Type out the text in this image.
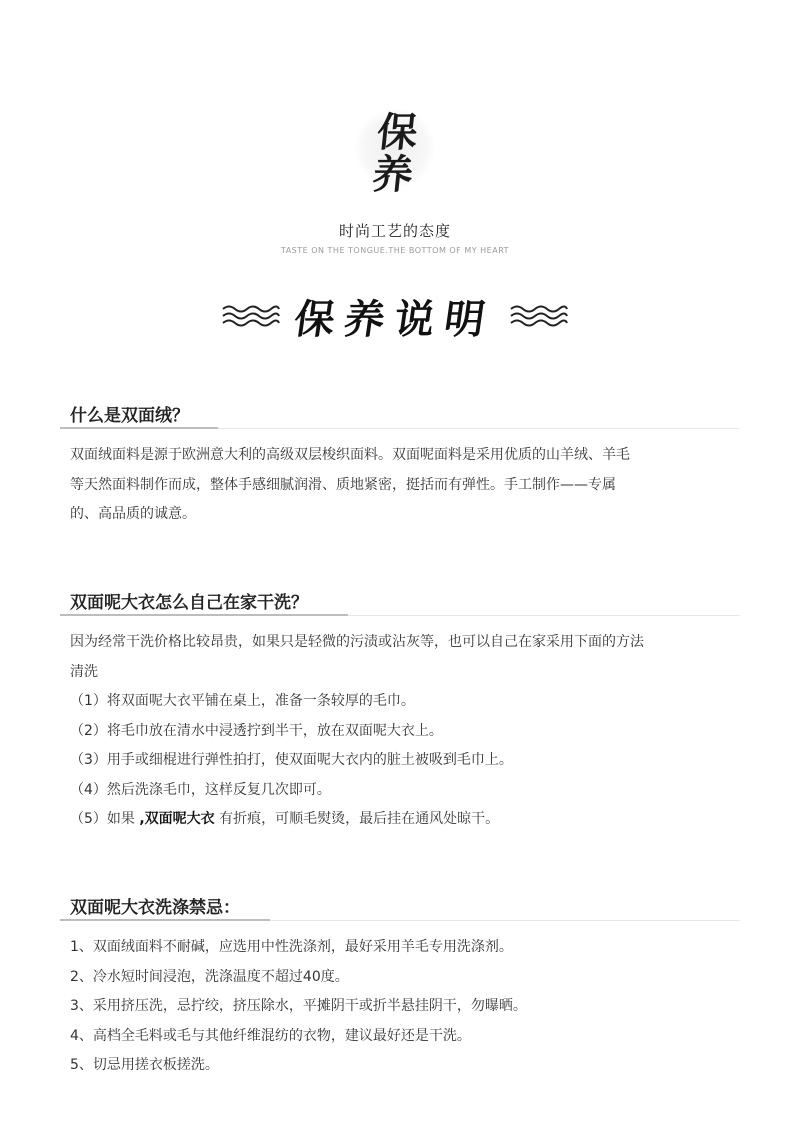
保
养
时尚工艺的态度
TASTE ON THE TONGUE.THE BOTTOM OF MY HEART
保养说明
什么是双面绒？

双面绒面料是源于欧洲意大利的高级双层梭织面料。双面呢面料是采用优质的山羊绒、羊毛

等天然面料制作而成，整体手感细腻润滑、质地紧密，挺括而有弹性。手工制作——专属

的、高品质的诚意。

双面呢大衣怎么自己在家干洗？

因为经常干洗价格比较昂贵，如果只是轻微的污渍或沾灰等，也可以自己在家采用下面的方法

清洗

（1）将双面呢大衣平铺在桌上，准备一条较厚的毛巾。

（2）将毛巾放在清水中浸透拧到半干，放在双面呢大衣上。

（3）用手或细棍进行弹性拍打，使双面呢大衣内的脏土被吸到毛巾上。

（4）然后洗涤毛巾，这样反复几次即可。

（5）如果 ,双面呢大衣 有折痕，可顺毛熨烫，最后挂在通风处晾干。

双面呢大衣洗涤禁忌：

1、双面绒面料不耐碱，应选用中性洗涤剂，最好采用羊毛专用洗涤剂。

2、冷水短时间浸泡，洗涤温度不超过40度。

3、采用挤压洗，忌拧绞，挤压除水，平摊阴干或折半悬挂阴干，勿曝晒。

4、高档全毛料或毛与其他纤维混纺的衣物，建议最好还是干洗。

5、切忌用搓衣板搓洗。
